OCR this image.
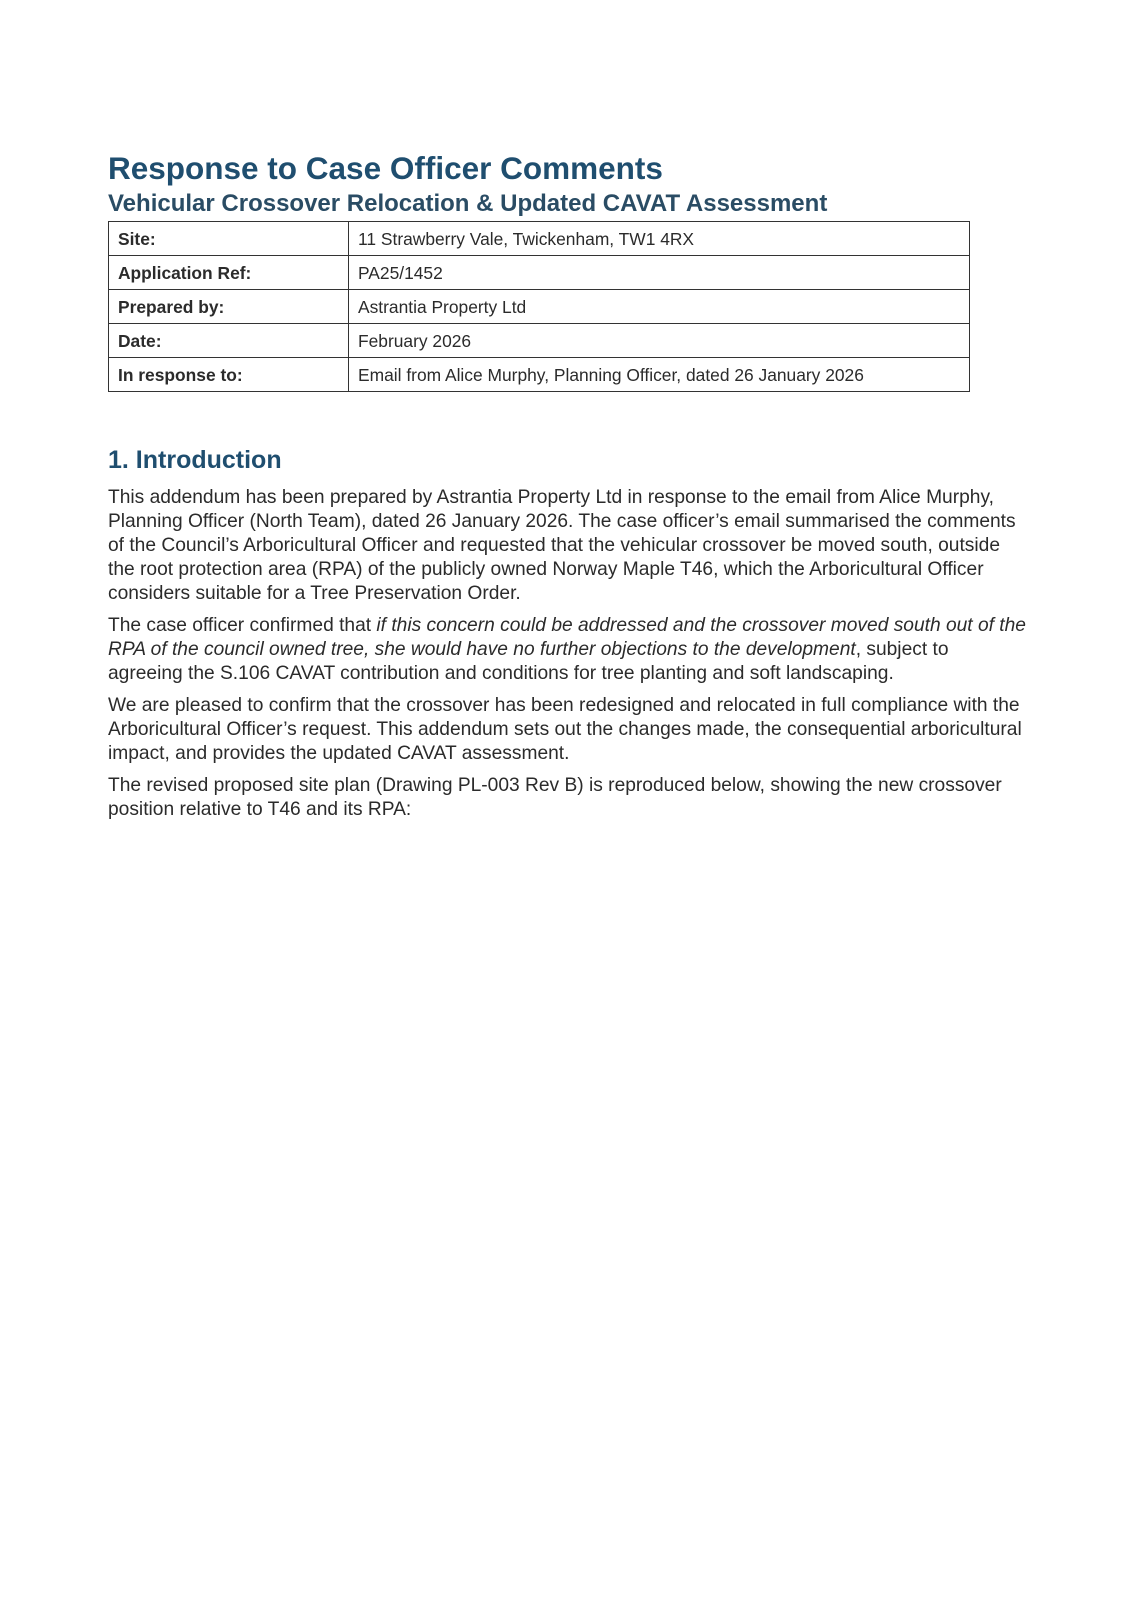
Response to Case Officer Comments
Vehicular Crossover Relocation & Updated CAVAT Assessment
Site:	11 Strawberry Vale, Twickenham, TW1 4RX
Application Ref:	PA25/1452
Prepared by:	Astrantia Property Ltd
Date:	February 2026
In response to:	Email from Alice Murphy, Planning Officer, dated 26 January 2026
1. Introduction

This addendum has been prepared by Astrantia Property Ltd in response to the email from Alice Murphy, Planning Officer (North Team), dated 26 January 2026. The case officer’s email summarised the comments of the Council’s Arboricultural Officer and requested that the vehicular crossover be moved south, outside the root protection area (RPA) of the publicly owned Norway Maple T46, which the Arboricultural Officer considers suitable for a Tree Preservation Order.

The case officer confirmed that if this concern could be addressed and the crossover moved south out of the RPA of the council owned tree, she would have no further objections to the development, subject to agreeing the S.106 CAVAT contribution and conditions for tree planting and soft landscaping.

We are pleased to confirm that the crossover has been redesigned and relocated in full compliance with the Arboricultural Officer’s request. This addendum sets out the changes made, the consequential arboricultural impact, and provides the updated CAVAT assessment.

The revised proposed site plan (Drawing PL-003 Rev B) is reproduced below, showing the new crossover position relative to T46 and its RPA:
